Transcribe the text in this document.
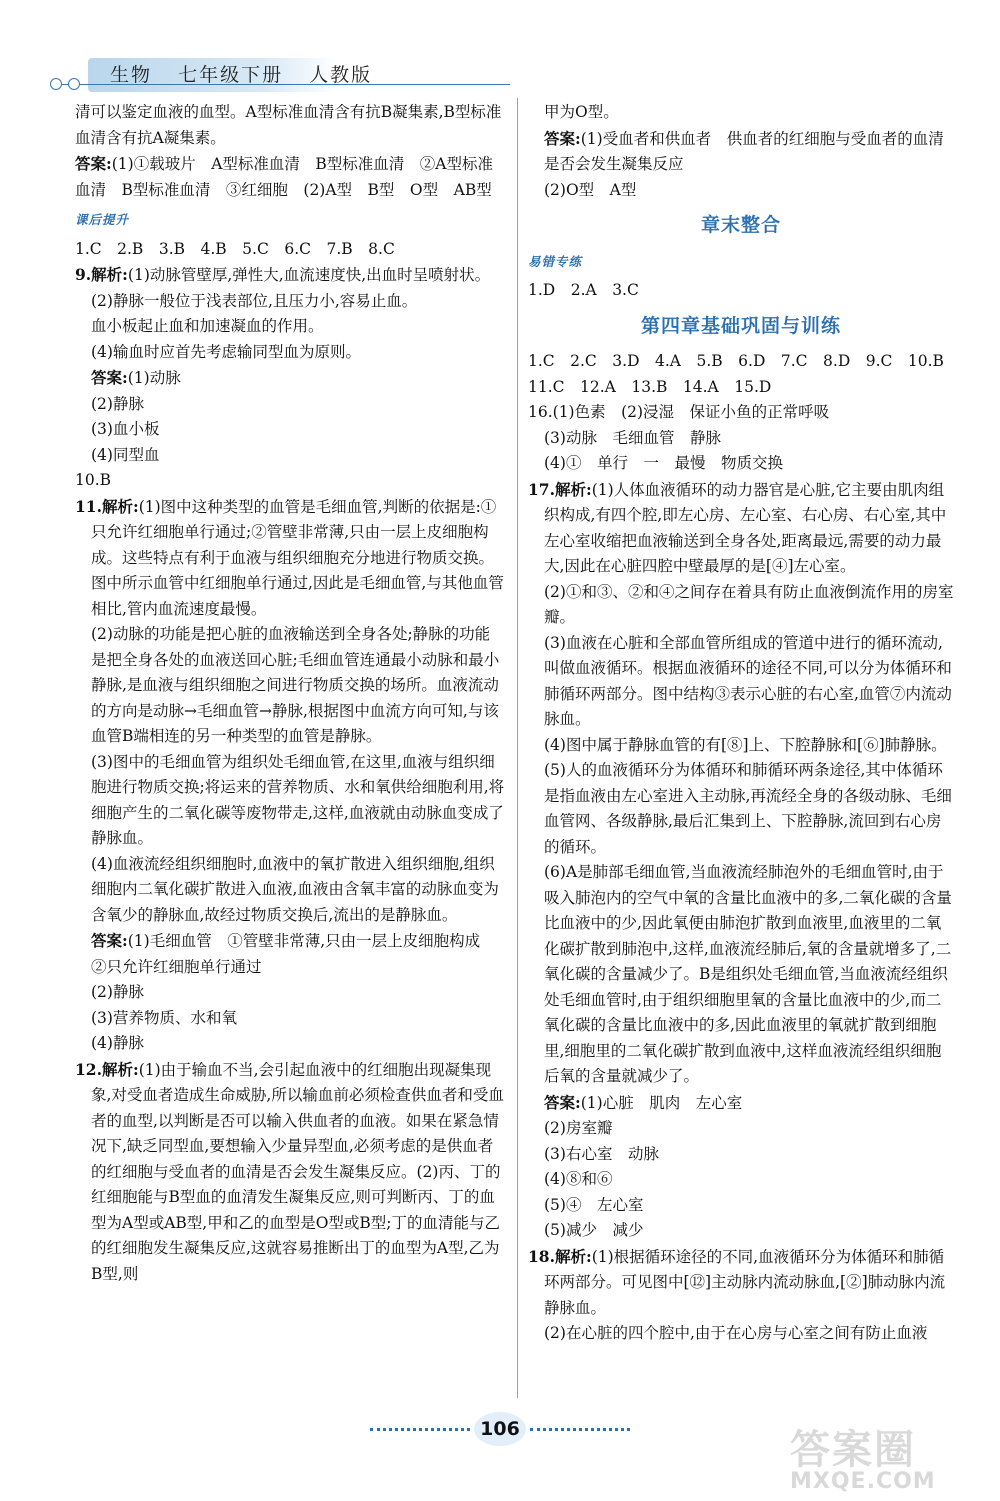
生物 七年级下册 人教版

清可以鉴定血液的血型。A型标准血清含有抗B凝集素,B型标准血清含有抗A凝集素。

答案:(1)①载玻片　A型标准血清　B型标准血清　②A型标准血清　B型标准血清　③红细胞　(2)A型　B型　O型　AB型

课后提升

1.C　2.B　3.B　4.B　5.C　6.C　7.B　8.C

9.解析:(1)动脉管壁厚,弹性大,血流速度快,出血时呈喷射状。

(2)静脉一般位于浅表部位,且压力小,容易止血。

血小板起止血和加速凝血的作用。

(4)输血时应首先考虑输同型血为原则。

答案:(1)动脉

(2)静脉

(3)血小板

(4)同型血

10.B

11.解析:(1)图中这种类型的血管是毛细血管,判断的依据是:①只允许红细胞单行通过;②管壁非常薄,只由一层上皮细胞构成。这些特点有利于血液与组织细胞充分地进行物质交换。图中所示血管中红细胞单行通过,因此是毛细血管,与其他血管相比,管内血流速度最慢。

(2)动脉的功能是把心脏的血液输送到全身各处;静脉的功能是把全身各处的血液送回心脏;毛细血管连通最小动脉和最小静脉,是血液与组织细胞之间进行物质交换的场所。血液流动的方向是动脉→毛细血管→静脉,根据图中血流方向可知,与该血管B端相连的另一种类型的血管是静脉。

(3)图中的毛细血管为组织处毛细血管,在这里,血液与组织细胞进行物质交换;将运来的营养物质、水和氧供给细胞利用,将细胞产生的二氧化碳等废物带走,这样,血液就由动脉血变成了静脉血。

(4)血液流经组织细胞时,血液中的氧扩散进入组织细胞,组织细胞内二氧化碳扩散进入血液,血液由含氧丰富的动脉血变为含氧少的静脉血,故经过物质交换后,流出的是静脉血。

答案:(1)毛细血管　①管壁非常薄,只由一层上皮细胞构成　②只允许红细胞单行通过

(2)静脉

(3)营养物质、水和氧

(4)静脉

12.解析:(1)由于输血不当,会引起血液中的红细胞出现凝集现象,对受血者造成生命威胁,所以输血前必须检查供血者和受血者的血型,以判断是否可以输入供血者的血液。如果在紧急情况下,缺乏同型血,要想输入少量异型血,必须考虑的是供血者的红细胞与受血者的血清是否会发生凝集反应。(2)丙、丁的红细胞能与B型血的血清发生凝集反应,则可判断丙、丁的血型为A型或AB型,甲和乙的血型是O型或B型;丁的血清能与乙的红细胞发生凝集反应,这就容易推断出丁的血型为A型,乙为B型,则

甲为O型。

答案:(1)受血者和供血者　供血者的红细胞与受血者的血清是否会发生凝集反应

(2)O型　A型

章末整合
易错专练

1.D　2.A　3.C

第四章基础巩固与训练

1.C　2.C　3.D　4.A　5.B　6.D　7.C　8.D　9.C　10.B

11.C　12.A　13.B　14.A　15.D

16.(1)色素　(2)浸湿　保证小鱼的正常呼吸

(3)动脉　毛细血管　静脉

(4)①　单行　一　最慢　物质交换

17.解析:(1)人体血液循环的动力器官是心脏,它主要由肌肉组织构成,有四个腔,即左心房、左心室、右心房、右心室,其中左心室收缩把血液输送到全身各处,距离最远,需要的动力最大,因此在心脏四腔中壁最厚的是[④]左心室。

(2)①和③、②和④之间存在着具有防止血液倒流作用的房室瓣。

(3)血液在心脏和全部血管所组成的管道中进行的循环流动,叫做血液循环。根据血液循环的途径不同,可以分为体循环和肺循环两部分。图中结构③表示心脏的右心室,血管⑦内流动脉血。

(4)图中属于静脉血管的有[⑧]上、下腔静脉和[⑥]肺静脉。

(5)人的血液循环分为体循环和肺循环两条途径,其中体循环是指血液由左心室进入主动脉,再流经全身的各级动脉、毛细血管网、各级静脉,最后汇集到上、下腔静脉,流回到右心房的循环。

(6)A是肺部毛细血管,当血液流经肺泡外的毛细血管时,由于吸入肺泡内的空气中氧的含量比血液中的多,二氧化碳的含量比血液中的少,因此氧便由肺泡扩散到血液里,血液里的二氧化碳扩散到肺泡中,这样,血液流经肺后,氧的含量就增多了,二氧化碳的含量减少了。B是组织处毛细血管,当血液流经组织处毛细血管时,由于组织细胞里氧的含量比血液中的少,而二氧化碳的含量比血液中的多,因此血液里的氧就扩散到细胞里,细胞里的二氧化碳扩散到血液中,这样血液流经组织细胞后氧的含量就减少了。

答案:(1)心脏　肌肉　左心室

(2)房室瓣

(3)右心室　动脉

(4)⑧和⑥

(5)④　左心室

(5)减少　减少

18.解析:(1)根据循环途径的不同,血液循环分为体循环和肺循环两部分。可见图中[⑫]主动脉内流动脉血,[②]肺动脉内流静脉血。

(2)在心脏的四个腔中,由于在心房与心室之间有防止血液

106	答案圈
MXQE.COM
